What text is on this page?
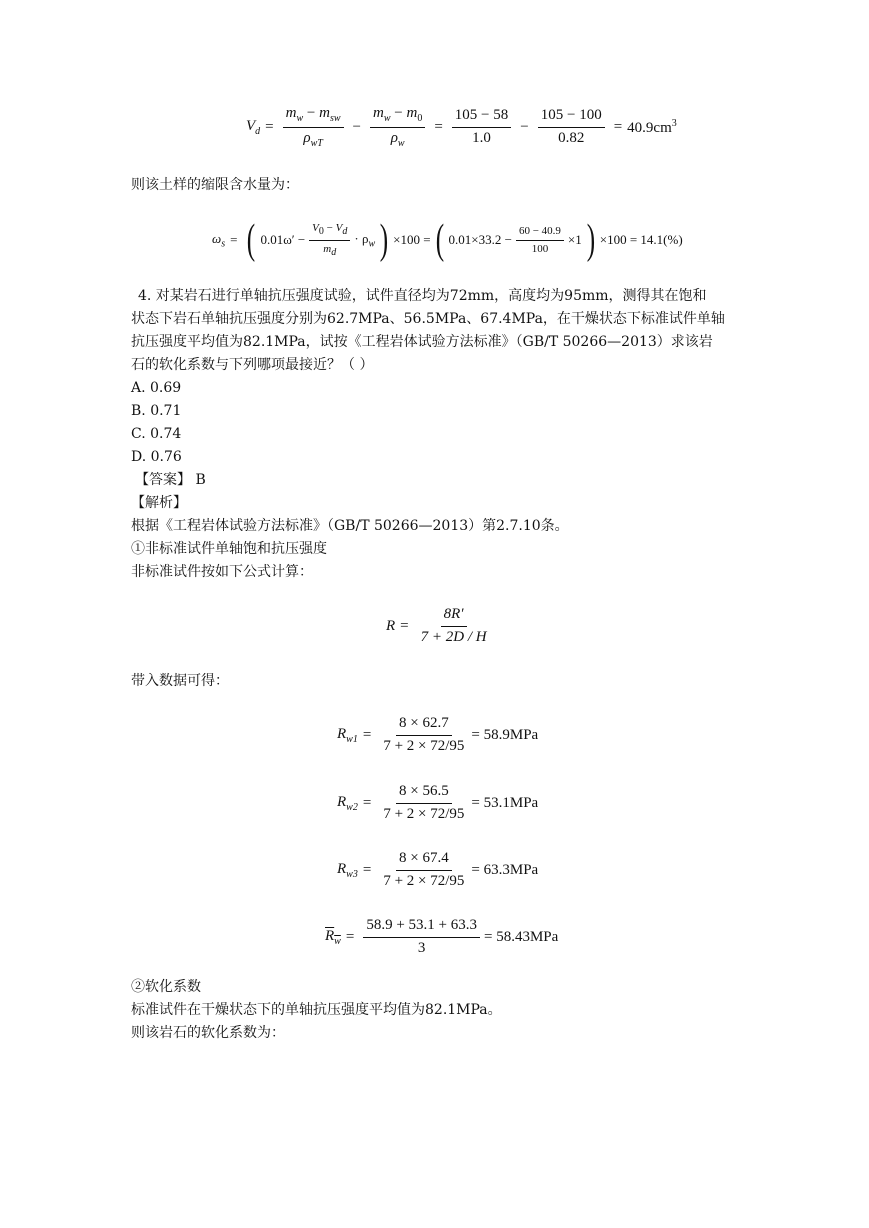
$V_d = \frac{m_w - m_{sw}}{\rho_{wT}} - \frac{m_w - m_0}{\rho_w} = \frac{105 - 58}{1.0} - \frac{105 - 100}{0.82} = 40.9cm^3$
则该土样的缩限含水量为：
$\omega_s$ = ( $0.01\omega' - \frac{V_0 - V_d}{m_d} \cdot \rho_w$ ) ×100 = ( $0.01\times 33.2 - \frac{60 - 40.9}{100} \times 1$ ) ×100 = 14.1(%)
4. 对某岩石进行单轴抗压强度试验，试件直径均为72mm，高度均为95mm，测得其在饱和
状态下岩石单轴抗压强度分别为62.7MPa、56.5MPa、67.4MPa，在干燥状态下标准试件单轴
抗压强度平均值为82.1MPa，试按《工程岩体试验方法标准》（GB/T 50266—2013）求该岩
石的软化系数与下列哪项最接近？（ ）
A. 0.69
B. 0.71
C. 0.74
D. 0.76
【答案】 B
【解析】
根据《工程岩体试验方法标准》（GB/T 50266—2013）第2.7.10条。
①非标准试件单轴饱和抗压强度
非标准试件按如下公式计算：
$R = \frac{8R'}{7 + 2D / H}$
带入数据可得：
$R_{w1} = \frac{8 \times 62.7}{7 + 2 \times 72/95} = 58.9MPa$
$R_{w2} = \frac{8 \times 56.5}{7 + 2 \times 72/95} = 53.1MPa$
$R_{w3} = \frac{8 \times 67.4}{7 + 2 \times 72/95} = 63.3MPa$
$R_w = \frac{58.9 + 53.1 + 63.3}{3} = 58.43MPa$
②软化系数
标准试件在干燥状态下的单轴抗压强度平均值为82.1MPa。
则该岩石的软化系数为：
